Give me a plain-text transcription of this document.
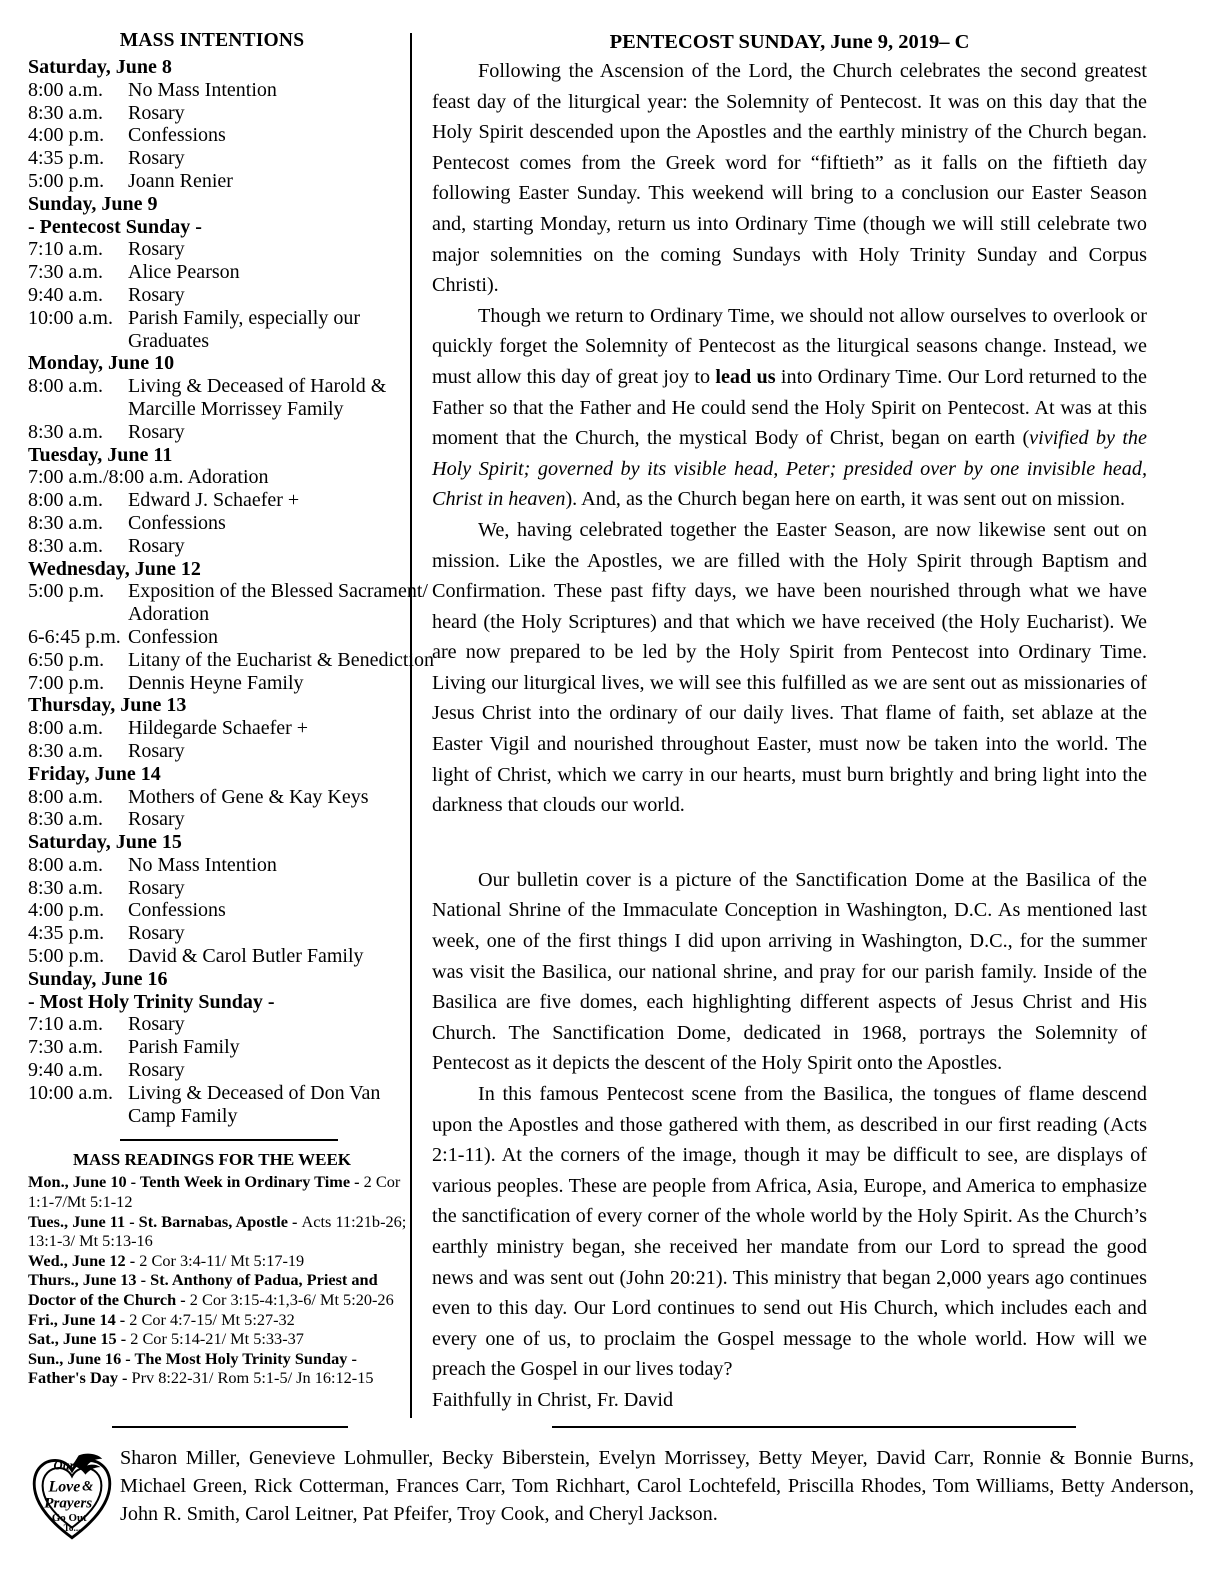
MASS INTENTIONS
Saturday, June 8
8:00 a.m. No Mass Intention
8:30 a.m. Rosary
4:00 p.m. Confessions
4:35 p.m. Rosary
5:00 p.m. Joann Renier
Sunday, June 9
- Pentecost Sunday -
7:10 a.m. Rosary
7:30 a.m. Alice Pearson
9:40 a.m. Rosary
10:00 a.m. Parish Family, especially our
Graduates
Monday, June 10
8:00 a.m. Living & Deceased of Harold &
Marcille Morrissey Family
8:30 a.m. Rosary
Tuesday, June 11
7:00 a.m./8:00 a.m. Adoration
8:00 a.m. Edward J. Schaefer +
8:30 a.m. Confessions
8:30 a.m. Rosary
Wednesday, June 12
5:00 p.m. Exposition of the Blessed Sacrament/
Adoration
6-6:45 p.m. Confession
6:50 p.m. Litany of the Eucharist & Benediction
7:00 p.m. Dennis Heyne Family
Thursday, June 13
8:00 a.m. Hildegarde Schaefer +
8:30 a.m. Rosary
Friday, June 14
8:00 a.m. Mothers of Gene & Kay Keys
8:30 a.m. Rosary
Saturday, June 15
8:00 a.m. No Mass Intention
8:30 a.m. Rosary
4:00 p.m. Confessions
4:35 p.m. Rosary
5:00 p.m. David & Carol Butler Family
Sunday, June 16
- Most Holy Trinity Sunday -
7:10 a.m. Rosary
7:30 a.m. Parish Family
9:40 a.m. Rosary
10:00 a.m. Living & Deceased of Don Van
Camp Family
MASS READINGS FOR THE WEEK
Mon., June 10 - Tenth Week in Ordinary Time - 2 Cor 1:1-7/Mt 5:1-12
Tues., June 11 - St. Barnabas, Apostle - Acts 11:21b-26; 13:1-3/ Mt 5:13-16
Wed., June 12 - 2 Cor 3:4-11/ Mt 5:17-19
Thurs., June 13 - St. Anthony of Padua, Priest and Doctor of the Church - 2 Cor 3:15-4:1,3-6/ Mt 5:20-26
Fri., June 14 - 2 Cor 4:7-15/ Mt 5:27-32
Sat., June 15 - 2 Cor 5:14-21/ Mt 5:33-37
Sun., June 16 - The Most Holy Trinity Sunday - Father's Day - Prv 8:22-31/ Rom 5:1-5/ Jn 16:12-15
PENTECOST SUNDAY, June 9, 2019– C

Following the Ascension of the Lord, the Church celebrates the second greatest feast day of the liturgical year: the Solemnity of Pentecost. It was on this day that the Holy Spirit descended upon the Apostles and the earthly ministry of the Church began. Pentecost comes from the Greek word for “fiftieth” as it falls on the fiftieth day following Easter Sunday. This weekend will bring to a conclusion our Easter Season and, starting Monday, return us into Ordinary Time (though we will still celebrate two major solemnities on the coming Sundays with Holy Trinity Sunday and Corpus Christi).

Though we return to Ordinary Time, we should not allow ourselves to overlook or quickly forget the Solemnity of Pentecost as the liturgical seasons change. Instead, we must allow this day of great joy to lead us into Ordinary Time. Our Lord returned to the Father so that the Father and He could send the Holy Spirit on Pentecost. At was at this moment that the Church, the mystical Body of Christ, began on earth (vivified by the Holy Spirit; governed by its visible head, Peter; presided over by one invisible head, Christ in heaven). And, as the Church began here on earth, it was sent out on mission.

We, having celebrated together the Easter Season, are now likewise sent out on mission. Like the Apostles, we are filled with the Holy Spirit through Baptism and Confirmation. These past fifty days, we have been nourished through what we have heard (the Holy Scriptures) and that which we have received (the Holy Eucharist). We are now prepared to be led by the Holy Spirit from Pentecost into Ordinary Time. Living our liturgical lives, we will see this fulfilled as we are sent out as missionaries of Jesus Christ into the ordinary of our daily lives. That flame of faith, set ablaze at the Easter Vigil and nourished throughout Easter, must now be taken into the world. The light of Christ, which we carry in our hearts, must burn brightly and bring light into the darkness that clouds our world.

Our bulletin cover is a picture of the Sanctification Dome at the Basilica of the National Shrine of the Immaculate Conception in Washington, D.C. As mentioned last week, one of the first things I did upon arriving in Washington, D.C., for the summer was visit the Basilica, our national shrine, and pray for our parish family. Inside of the Basilica are five domes, each highlighting different aspects of Jesus Christ and His Church. The Sanctification Dome, dedicated in 1968, portrays the Solemnity of Pentecost as it depicts the descent of the Holy Spirit onto the Apostles.

In this famous Pentecost scene from the Basilica, the tongues of flame descend upon the Apostles and those gathered with them, as described in our first reading (Acts 2:1-11). At the corners of the image, though it may be difficult to see, are displays of various peoples. These are people from Africa, Asia, Europe, and America to emphasize the sanctification of every corner of the whole world by the Holy Spirit. As the Church’s earthly ministry began, she received her mandate from our Lord to spread the good news and was sent out (John 20:21). This ministry that began 2,000 years ago continues even to this day. Our Lord continues to send out His Church, which includes each and every one of us, to proclaim the Gospel message to the whole world. How will we preach the Gospel in our lives today?

Faithfully in Christ, Fr. David

Our
Love &
Prayers
Go Out
To...
Sharon Miller, Genevieve Lohmuller, Becky Biberstein, Evelyn Morrissey, Betty Meyer, David Carr, Ronnie & Bonnie Burns, Michael Green, Rick Cotterman, Frances Carr, Tom Richhart, Carol Lochtefeld, Priscilla Rhodes, Tom Williams, Betty Anderson, John R. Smith, Carol Leitner, Pat Pfeifer, Troy Cook, and Cheryl Jackson.
